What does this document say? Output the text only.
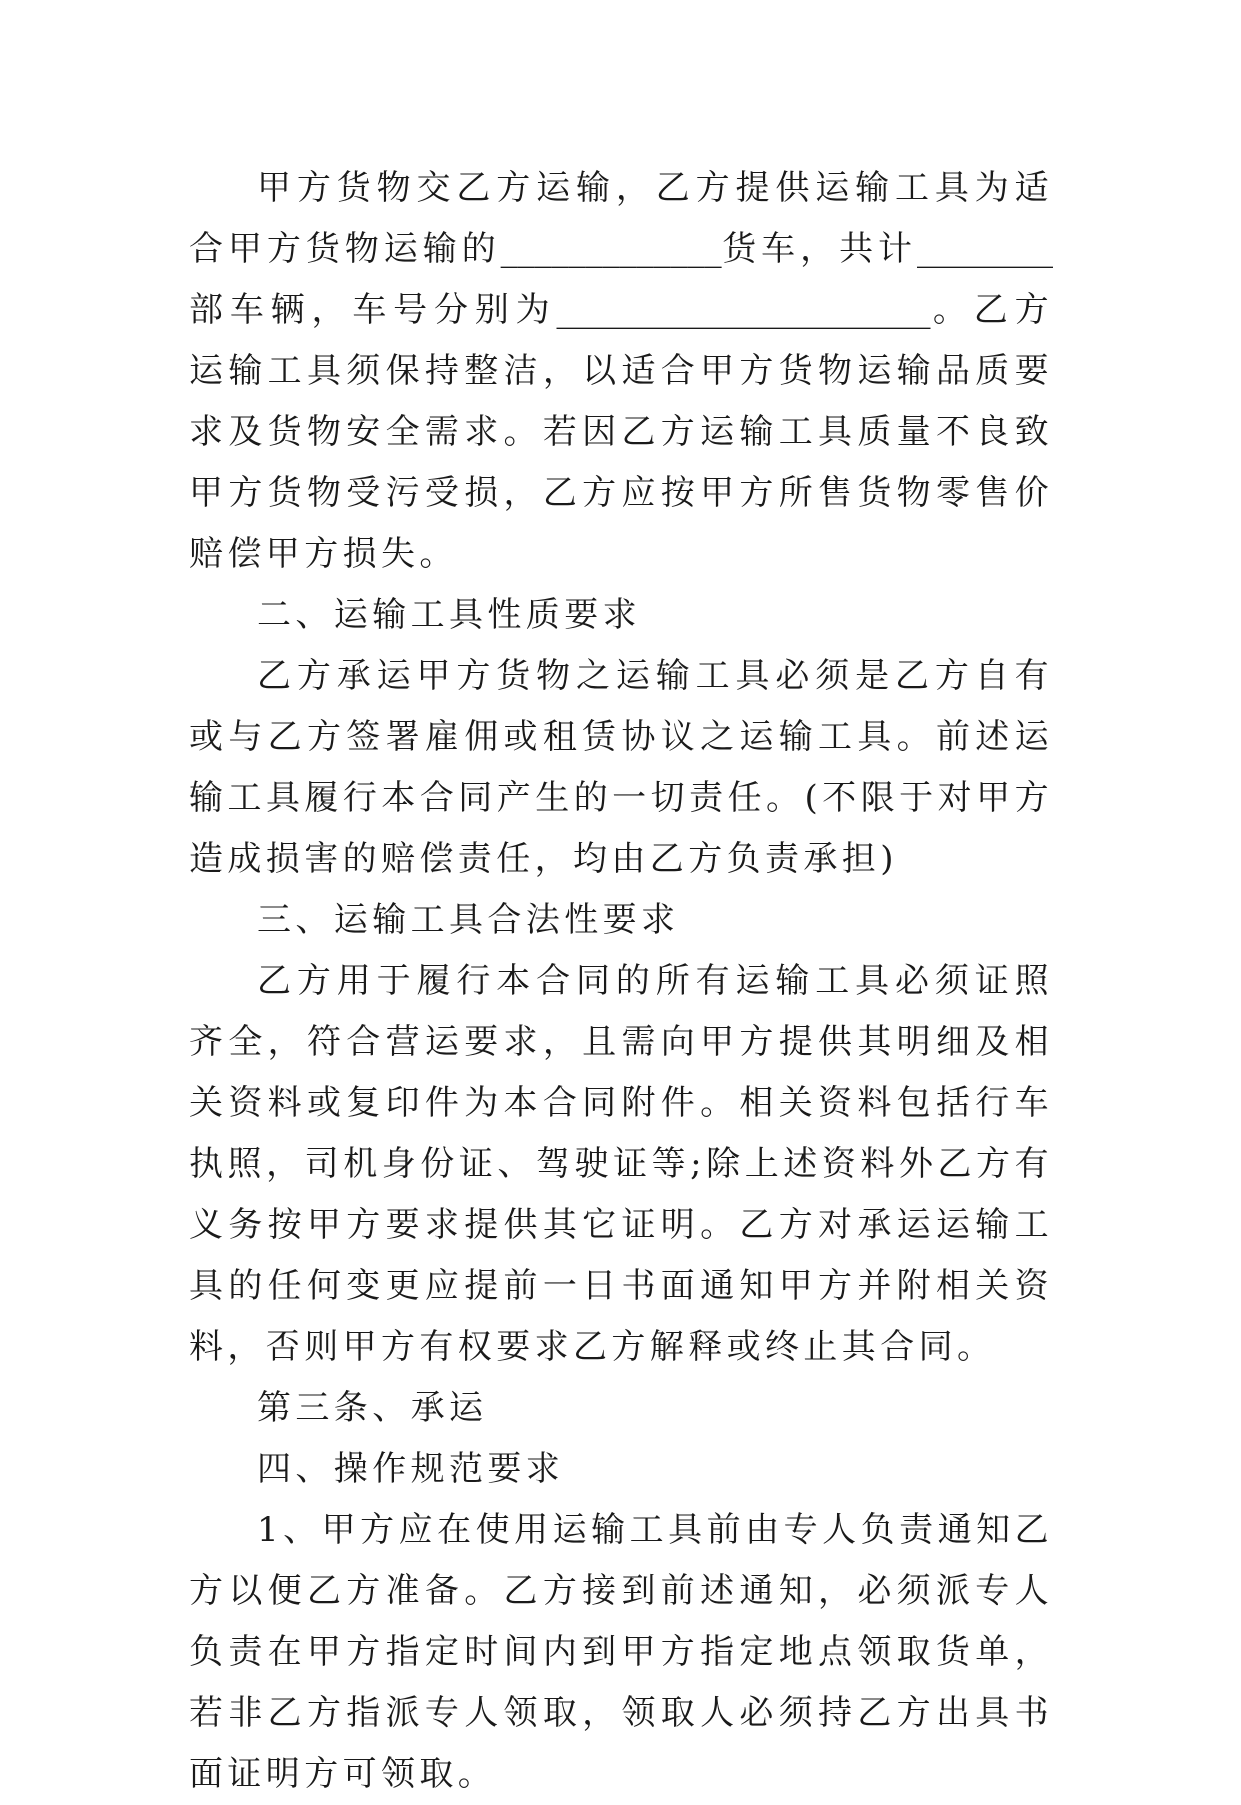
甲方货物交乙方运输，乙方提供运输工具为适合甲方货物运输的_____________货车，共计________部车辆，车号分别为______________________。乙方运输工具须保持整洁，以适合甲方货物运输品质要求及货物安全需求。若因乙方运输工具质量不良致甲方货物受污受损，乙方应按甲方所售货物零售价赔偿甲方损失。

二、运输工具性质要求

乙方承运甲方货物之运输工具必须是乙方自有或与乙方签署雇佣或租赁协议之运输工具。前述运输工具履行本合同产生的一切责任。(不限于对甲方造成损害的赔偿责任，均由乙方负责承担)

三、运输工具合法性要求

乙方用于履行本合同的所有运输工具必须证照齐全，符合营运要求，且需向甲方提供其明细及相关资料或复印件为本合同附件。相关资料包括行车执照，司机身份证、驾驶证等;除上述资料外乙方有义务按甲方要求提供其它证明。乙方对承运运输工具的任何变更应提前一日书面通知甲方并附相关资料，否则甲方有权要求乙方解释或终止其合同。

第三条、承运

四、操作规范要求

1、甲方应在使用运输工具前由专人负责通知乙方以便乙方准备。乙方接到前述通知，必须派专人负责在甲方指定时间内到甲方指定地点领取货单，若非乙方指派专人领取，领取人必须持乙方出具书面证明方可领取。
